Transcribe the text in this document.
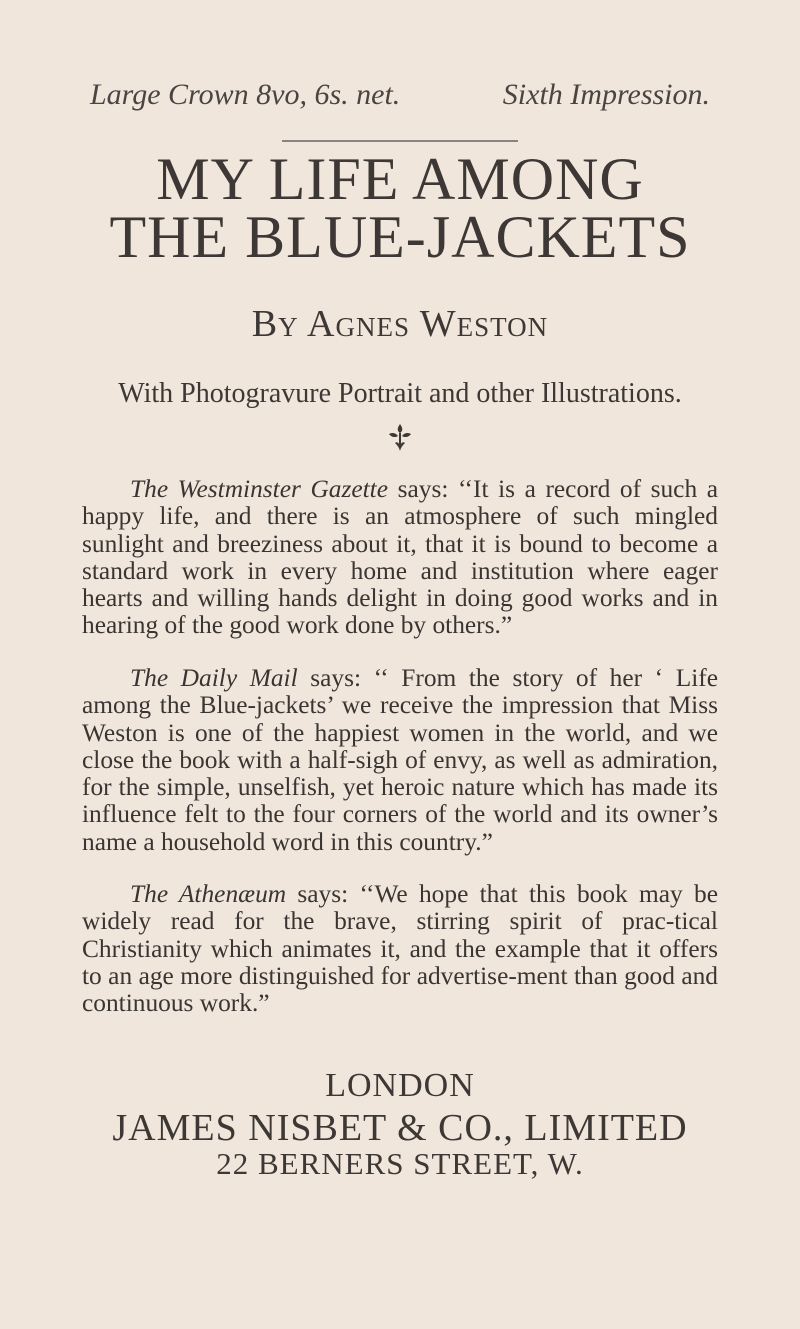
Large Crown 8vo, 6s. net.	Sixth Impression.
MY LIFE AMONG
THE BLUE-JACKETS
By Agnes Weston
With Photogravure Portrait and other Illustrations.
The Westminster Gazette says: ‘‘It is a record of such a happy life, and there is an atmosphere of such mingled sunlight and breeziness about it, that it is bound to become a standard work in every home and institution where eager hearts and willing hands delight in doing good works and in hearing of the good work done by others.”
The Daily Mail says: ‘‘ From the story of her ‘ Life among the Blue-jackets’ we receive the impression that Miss Weston is one of the happiest women in the world, and we close the book with a half-sigh of envy, as well as admiration, for the simple, unselfish, yet heroic nature which has made its influence felt to the four corners of the world and its owner’s name a household word in this country.”
The Athenæum says: ‘‘We hope that this book may be widely read for the brave, stirring spirit of prac-tical Christianity which animates it, and the example that it offers to an age more distinguished for advertise-ment than good and continuous work.”
LONDON
JAMES NISBET & CO., LIMITED
22 BERNERS STREET, W.
